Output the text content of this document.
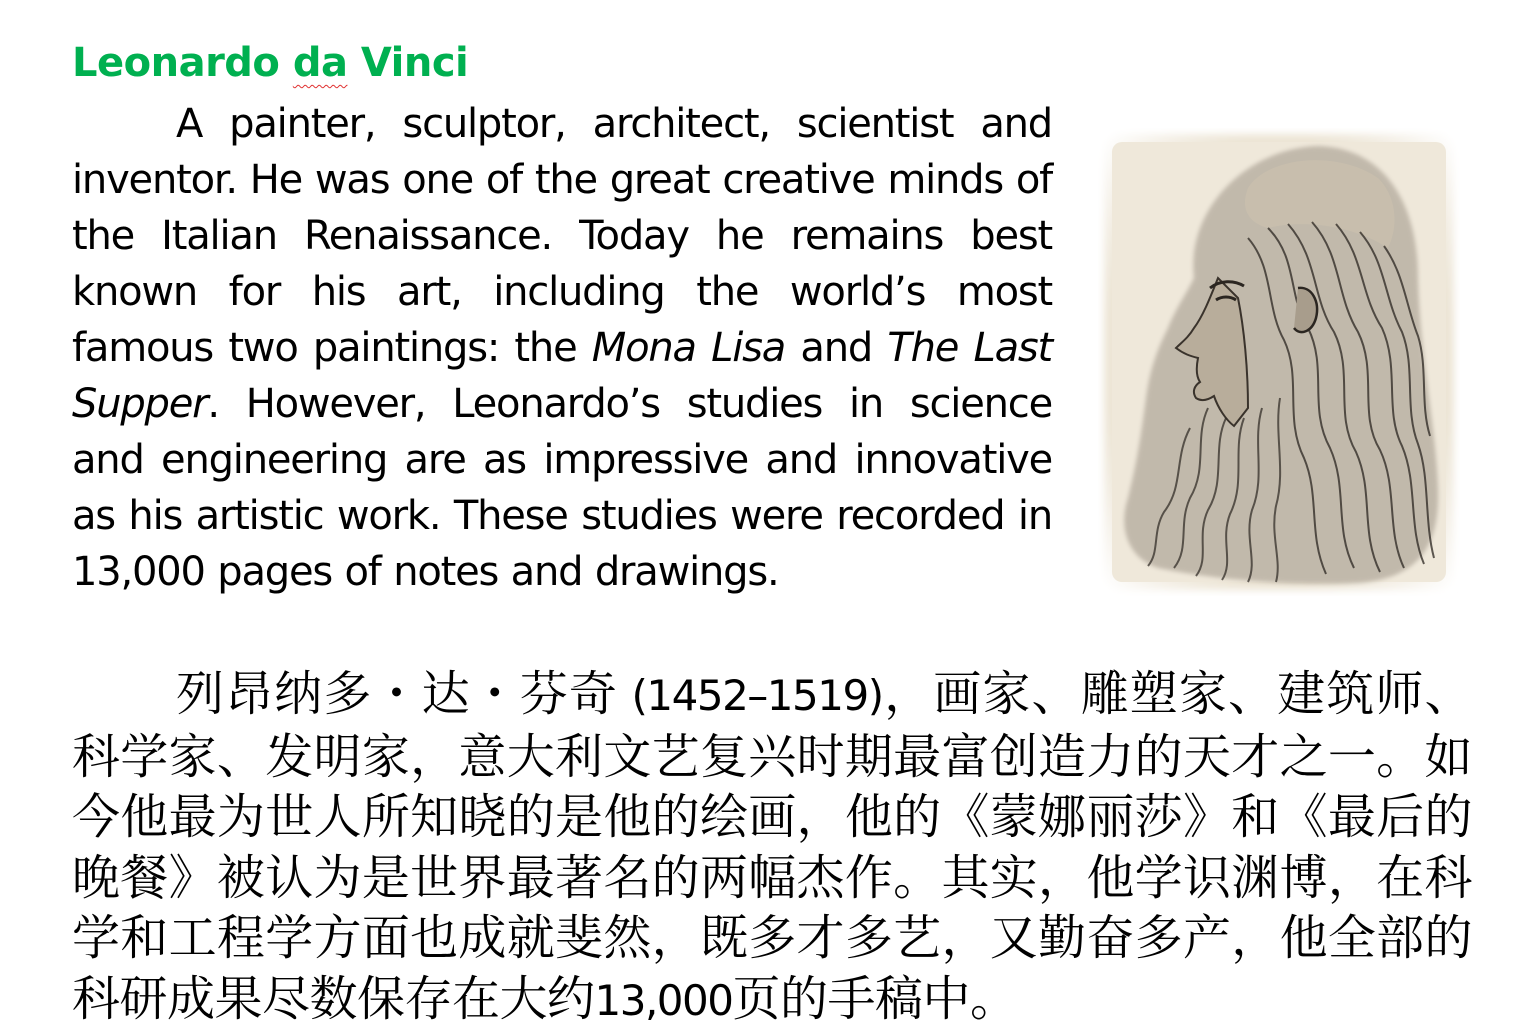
Leonardo da Vinci

A painter, sculptor, architect, scientist and inventor. He was one of the great creative minds of the Italian Renaissance. Today he remains best known for his art, including the world’s most famous two paintings: the Mona Lisa and The Last Supper. However, Leonardo’s studies in science and engineering are as impressive and innovative as his artistic work. These studies were recorded in 13,000 pages of notes and drawings.

列昂纳多・达・芬奇 (1452–1519)，画家、雕塑家、建筑师、科学家、发明家，意大利文艺复兴时期最富创造力的天才之一。如今他最为世人所知晓的是他的绘画，他的《蒙娜丽莎》和《最后的晚餐》被认为是世界最著名的两幅杰作。其实，他学识渊博，在科学和工程学方面也成就斐然，既多才多艺，又勤奋多产，他全部的科研成果尽数保存在大约13,000页的手稿中。
